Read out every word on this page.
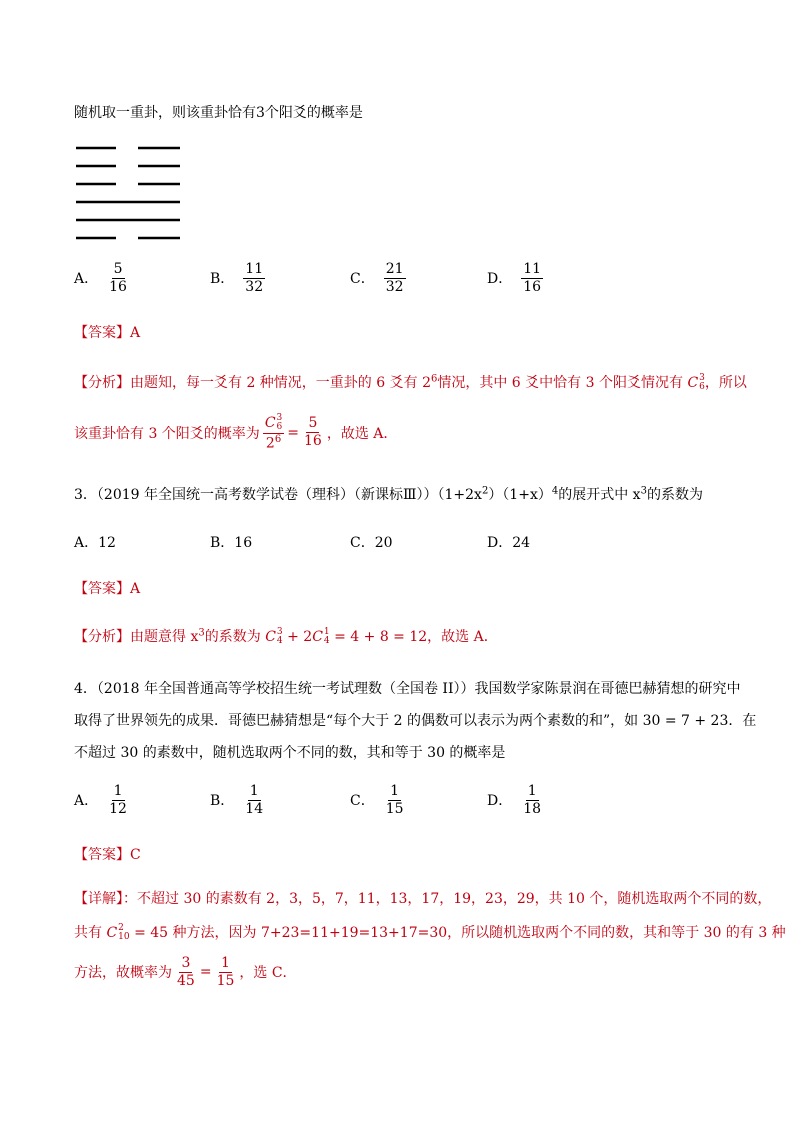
随机取一重卦，则该重卦恰有3个阳爻的概率是
A． $\frac{5}{16}$	B． $\frac{11}{32}$	C． $\frac{21}{32}$	D． $\frac{11}{16}$
【答案】A
【分析】由题知，每一爻有 2 种情况，一重卦的 6 爻有 $2^6$情况，其中 6 爻中恰有 3 个阳爻情况有 C 3
6 ，所以
该重卦恰有 3 个阳爻的概率为 C 3
6
$2^6 = \frac{5}{16}$ ，故选 A．
3．（2019 年全国统一高考数学试卷（理科）（新课标$Ⅲ))(1+2x^2)(1+x)^4$的展开式中 $x^3$的系数为
A．12	B．16	C．20	D．24
【答案】A
【分析】由题意得 $x^3$的系数为 C 3
4 + 2C 1
4 = 4 + 8 = 12，故选 A．
4．（2018 年全国普通高等学校招生统一考试理数（全国卷 II））我国数学家陈景润在哥德巴赫猜想的研究中
取得了世界领先的成果．哥德巴赫猜想是“每个大于 2 的偶数可以表示为两个素数的和”，如 30 = 7 + 23．在
不超过 30 的素数中，随机选取两个不同的数，其和等于 30 的概率是
A． $\frac{1}{12}$	B． $\frac{1}{14}$	C． $\frac{1}{15}$	D． $\frac{1}{18}$
【答案】C
【详解】：不超过 30 的素数有 2，3，5，7，11，13，17，19，23，29，共 10 个，随机选取两个不同的数，
共有 C 2
10 = 45 种方法，因为 7+23=11+19=13+17=30，所以随机选取两个不同的数，其和等于 30 的有 3 种
方法，故概率为 $\frac{3}{45} = \frac{1}{15}$ ，选 C．
